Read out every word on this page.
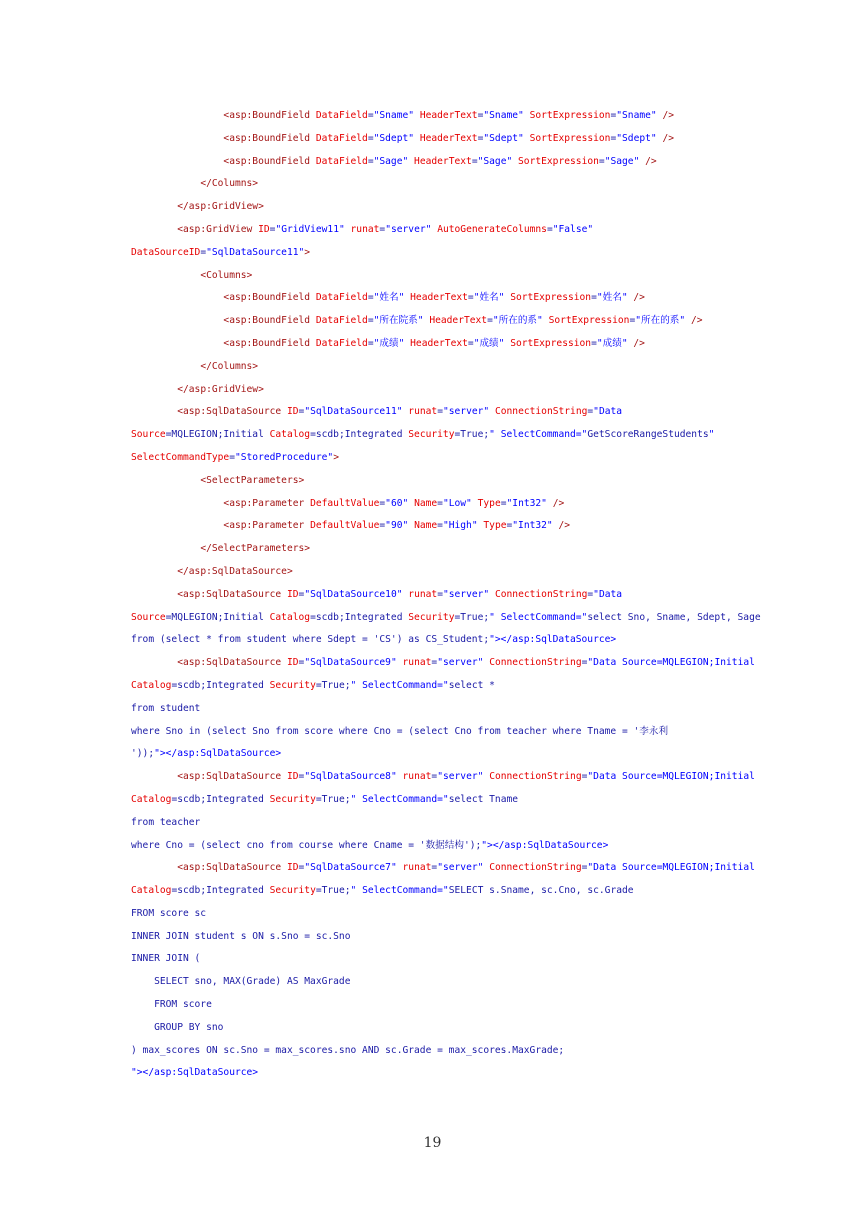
<asp:BoundField DataField="Sname" HeaderText="Sname" SortExpression="Sname" />
<asp:BoundField DataField="Sdept" HeaderText="Sdept" SortExpression="Sdept" />
<asp:BoundField DataField="Sage" HeaderText="Sage" SortExpression="Sage" />
</Columns>
</asp:GridView>
<asp:GridView ID="GridView11" runat="server" AutoGenerateColumns="False"
DataSourceID="SqlDataSource11">
<Columns>
<asp:BoundField DataField="姓名" HeaderText="姓名" SortExpression="姓名" />
<asp:BoundField DataField="所在院系" HeaderText="所在的系" SortExpression="所在的系" />
<asp:BoundField DataField="成绩" HeaderText="成绩" SortExpression="成绩" />
</Columns>
</asp:GridView>
<asp:SqlDataSource ID="SqlDataSource11" runat="server" ConnectionString="Data
Source=MQLEGION;Initial Catalog=scdb;Integrated Security=True;" SelectCommand="GetScoreRangeStudents"
SelectCommandType="StoredProcedure">
<SelectParameters>
<asp:Parameter DefaultValue="60" Name="Low" Type="Int32" />
<asp:Parameter DefaultValue="90" Name="High" Type="Int32" />
</SelectParameters>
</asp:SqlDataSource>
<asp:SqlDataSource ID="SqlDataSource10" runat="server" ConnectionString="Data
Source=MQLEGION;Initial Catalog=scdb;Integrated Security=True;" SelectCommand="select Sno, Sname, Sdept, Sage
from (select * from student where Sdept = 'CS') as CS_Student;"></asp:SqlDataSource>
<asp:SqlDataSource ID="SqlDataSource9" runat="server" ConnectionString="Data Source=MQLEGION;Initial
Catalog=scdb;Integrated Security=True;" SelectCommand="select *
from student
where Sno in (select Sno from score where Cno = (select Cno from teacher where Tname = '李永利
'));"></asp:SqlDataSource>
<asp:SqlDataSource ID="SqlDataSource8" runat="server" ConnectionString="Data Source=MQLEGION;Initial
Catalog=scdb;Integrated Security=True;" SelectCommand="select Tname
from teacher
where Cno = (select cno from course where Cname = '数据结构');"></asp:SqlDataSource>
<asp:SqlDataSource ID="SqlDataSource7" runat="server" ConnectionString="Data Source=MQLEGION;Initial
Catalog=scdb;Integrated Security=True;" SelectCommand="SELECT s.Sname, sc.Cno, sc.Grade
FROM score sc
INNER JOIN student s ON s.Sno = sc.Sno
INNER JOIN (
SELECT sno, MAX(Grade) AS MaxGrade
FROM score
GROUP BY sno
) max_scores ON sc.Sno = max_scores.sno AND sc.Grade = max_scores.MaxGrade;
"></asp:SqlDataSource>
19
